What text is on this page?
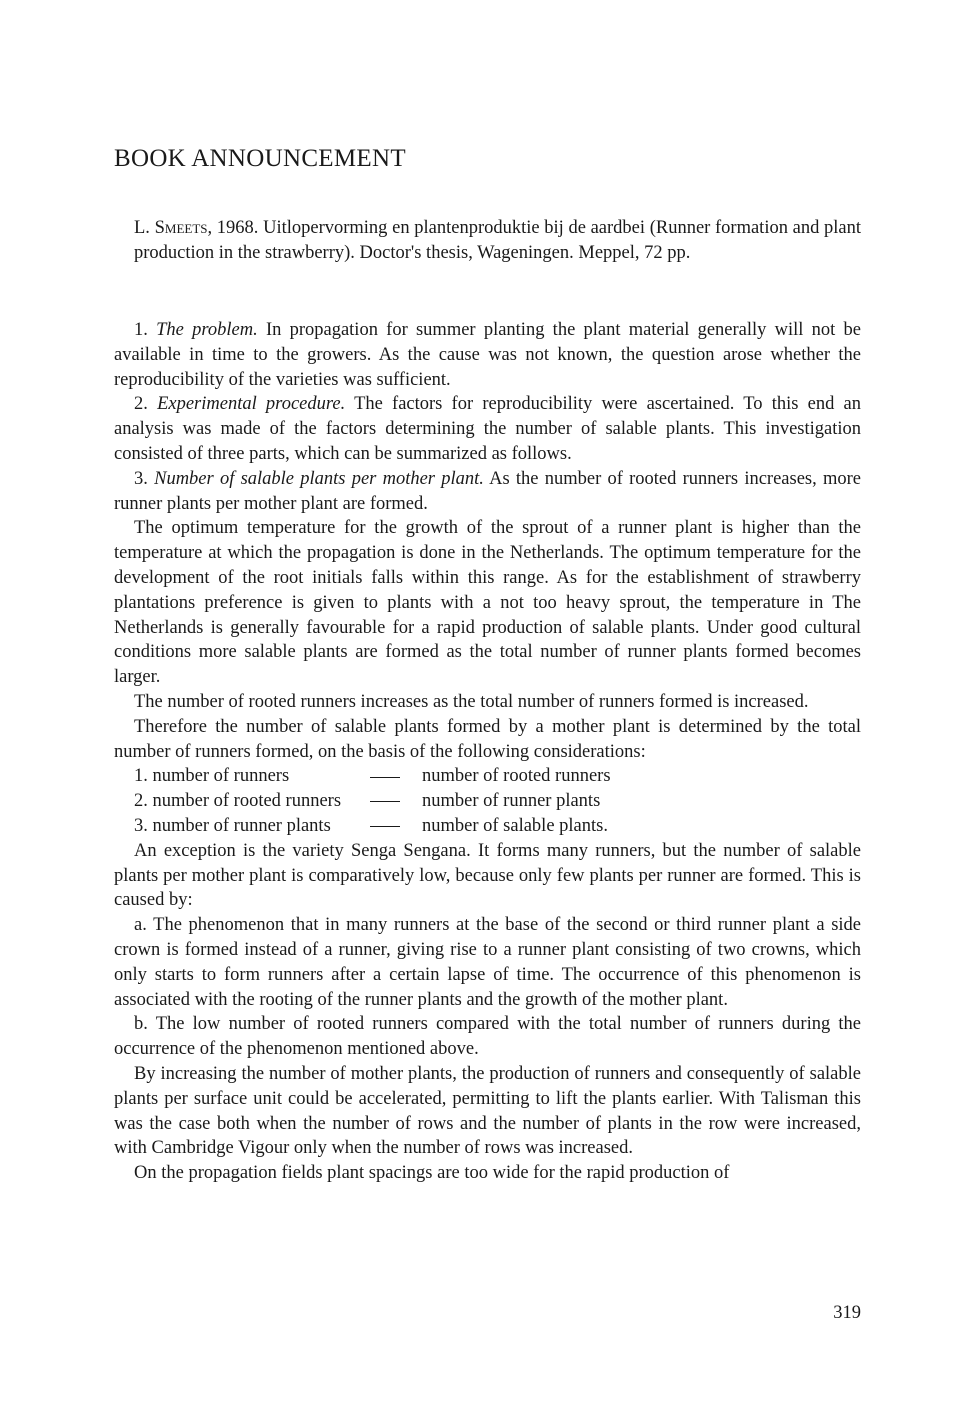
BOOK ANNOUNCEMENT

L. Smeets, 1968. Uitlopervorming en plantenproduktie bij de aardbei (Runner formation and plant production in the strawberry). Doctor's thesis, Wageningen. Meppel, 72 pp.

1. The problem. In propagation for summer planting the plant material generally will not be available in time to the growers. As the cause was not known, the question arose whether the reproducibility of the varieties was sufficient.

2. Experimental procedure. The factors for reproducibility were ascertained. To this end an analysis was made of the factors determining the number of salable plants. This investigation consisted of three parts, which can be summarized as follows.

3. Number of salable plants per mother plant. As the number of rooted runners increases, more runner plants per mother plant are formed.

The optimum temperature for the growth of the sprout of a runner plant is higher than the temperature at which the propagation is done in the Netherlands. The optimum temperature for the development of the root initials falls within this range. As for the establishment of strawberry plantations preference is given to plants with a not too heavy sprout, the temperature in The Netherlands is generally favourable for a rapid production of salable plants. Under good cultural conditions more salable plants are formed as the total number of runner plants formed becomes larger.

The number of rooted runners increases as the total number of runners formed is increased.

Therefore the number of salable plants formed by a mother plant is determined by the total number of runners formed, on the basis of the following considerations:

1. number of runners	number of rooted runners
2. number of rooted runners	number of runner plants
3. number of runner plants	number of salable plants.

An exception is the variety Senga Sengana. It forms many runners, but the number of salable plants per mother plant is comparatively low, because only few plants per runner are formed. This is caused by:

a. The phenomenon that in many runners at the base of the second or third runner plant a side crown is formed instead of a runner, giving rise to a runner plant consisting of two crowns, which only starts to form runners after a certain lapse of time. The occurrence of this phenomenon is associated with the rooting of the runner plants and the growth of the mother plant.

b. The low number of rooted runners compared with the total number of runners during the occurrence of the phenomenon mentioned above.

By increasing the number of mother plants, the production of runners and consequently of salable plants per surface unit could be accelerated, permitting to lift the plants earlier. With Talisman this was the case both when the number of rows and the number of plants in the row were increased, with Cambridge Vigour only when the number of rows was increased.

On the propagation fields plant spacings are too wide for the rapid production of

319
